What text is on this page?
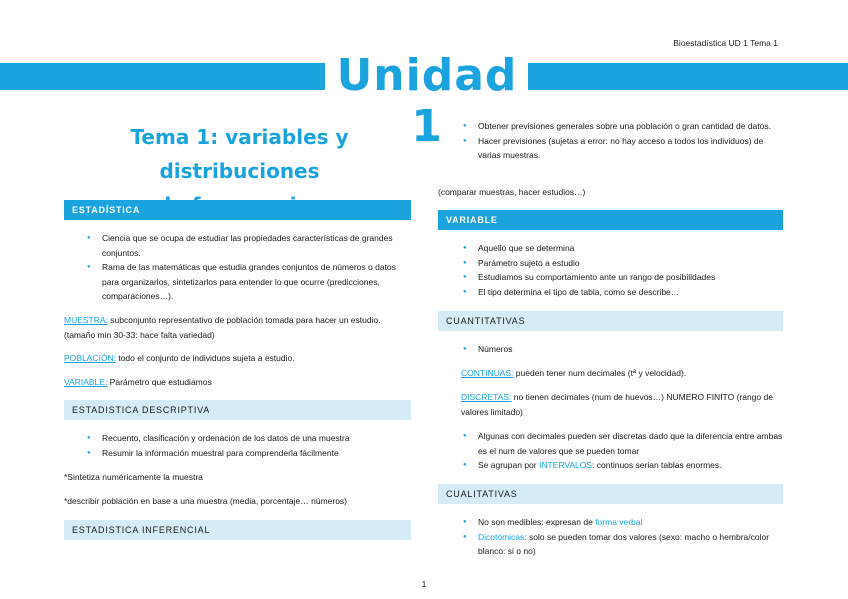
Bioestadística UD 1 Tema 1
Unidad 1
Tema 1: variables y distribuciones
ESTADÍSTICA
● Ciencia que se ocupa de estudiar las propiedades características de grandes conjuntos.
● Rama de las matemáticas que estudia grandes conjuntos de números o datos para organizarlos, sintetizarlos para entender lo que ocurre (predicciones, comparaciones…).
MUESTRA: subconjunto representativo de población tomada para hacer un estudio. (tamaño min 30-33: hace falta variedad)
POBLACIÓN: todo el conjunto de individuos sujeta a estudio.
VARIABLE: Parámetro que estudiamos
ESTADISTICA DESCRIPTIVA
● Recuento, clasificación y ordenación de los datos de una muestra
● Resumir la información muestral para comprenderla fácilmente
*Sintetiza numéricamente la muestra
*describir población en base a una muestra (media, porcentaje… números)
ESTADISTICA INFERENCIAL
● Obtener previsiones generales sobre una población o gran cantidad de datos.
● Hacer previsiones (sujetas a error: no hay acceso a todos los individuos) de varias muestras.
(comparar muestras, hacer estudios…)
VARIABLE
● Aquello que se determina
● Parámetro sujeto a estudio
● Estudiamos su comportamiento ante un rango de posibilidades
● El tipo determina el tipo de tabla, como se describe…
CUANTITATIVAS
● Números
CONTINUAS: pueden tener num decimales (tª y velocidad).
DISCRETAS: no tienen decimales (num de huevos…) NUMERO FINITO (rango de valores limitado)
● Algunas con decimales pueden ser discretas dado que la diferencia entre ambas es el num de valores que se pueden tomar
● Se agrupan por INTERVALOS: continuos serian tablas enormes.
CUALITATIVAS
● No son medibles: expresan de forma verbal
● Dicotómicas: solo se pueden tomar dos valores (sexo: macho o hembra/color blanco: si o no)
1
